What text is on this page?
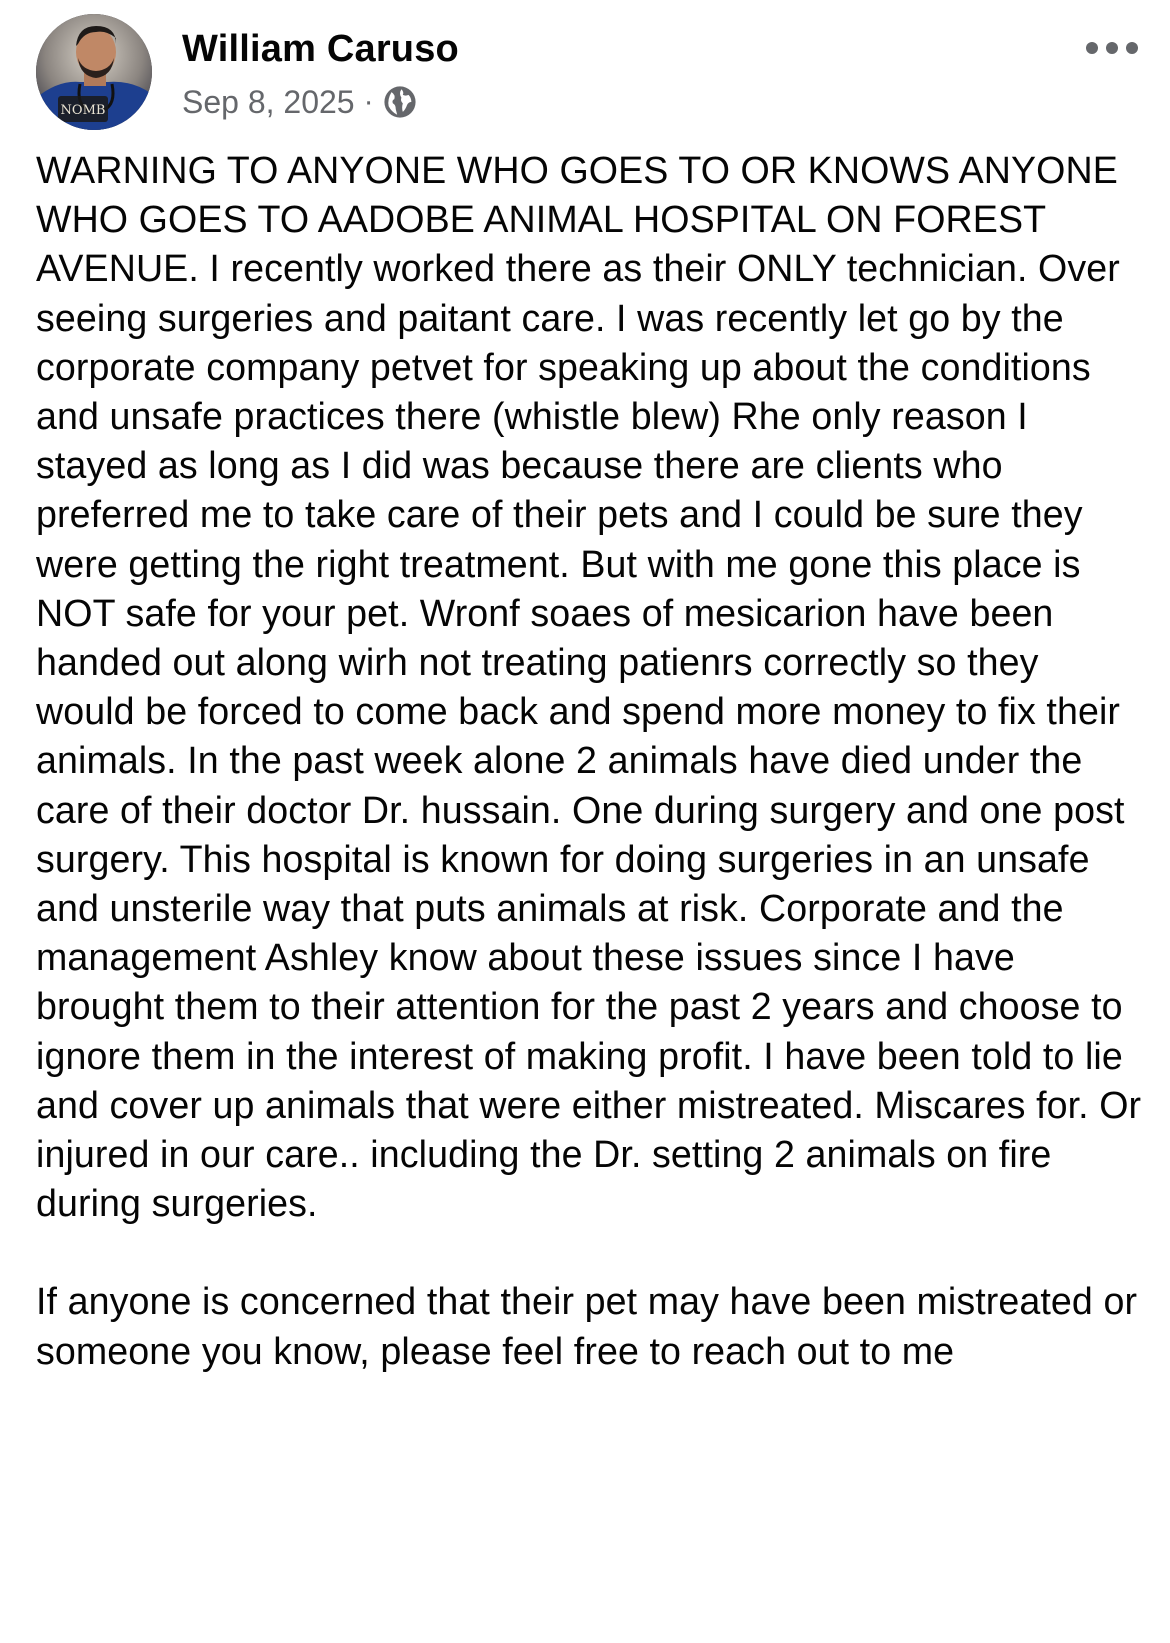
NOMB
William Caruso
Sep 8, 2025 ·

WARNING TO ANYONE WHO GOES TO OR KNOWS ANYONE WHO GOES TO AADOBE ANIMAL HOSPITAL ON FOREST AVENUE. I recently worked there as their ONLY technician. Over seeing surgeries and paitant care. I was recently let go by the corporate company petvet for speaking up about the conditions and unsafe practices there (whistle blew) Rhe only reason I stayed as long as I did was because there are clients who preferred me to take care of their pets and I could be sure they were getting the right treatment. But with me gone this place is NOT safe for your pet. Wronf soaes of mesicarion have been handed out along wirh not treating patienrs correctly so they would be forced to come back and spend more money to fix their animals. In the past week alone 2 animals have died under the care of their doctor Dr. hussain. One during surgery and one post surgery. This hospital is known for doing surgeries in an unsafe and unsterile way that puts animals at risk. Corporate and the management Ashley know about these issues since I have brought them to their attention for the past 2 years and choose to ignore them in the interest of making profit. I have been told to lie and cover up animals that were either mistreated. Miscares for. Or injured in our care.. including the Dr. setting 2 animals on fire during surgeries.

If anyone is concerned that their pet may have been mistreated or someone you know, please feel free to reach out to me
